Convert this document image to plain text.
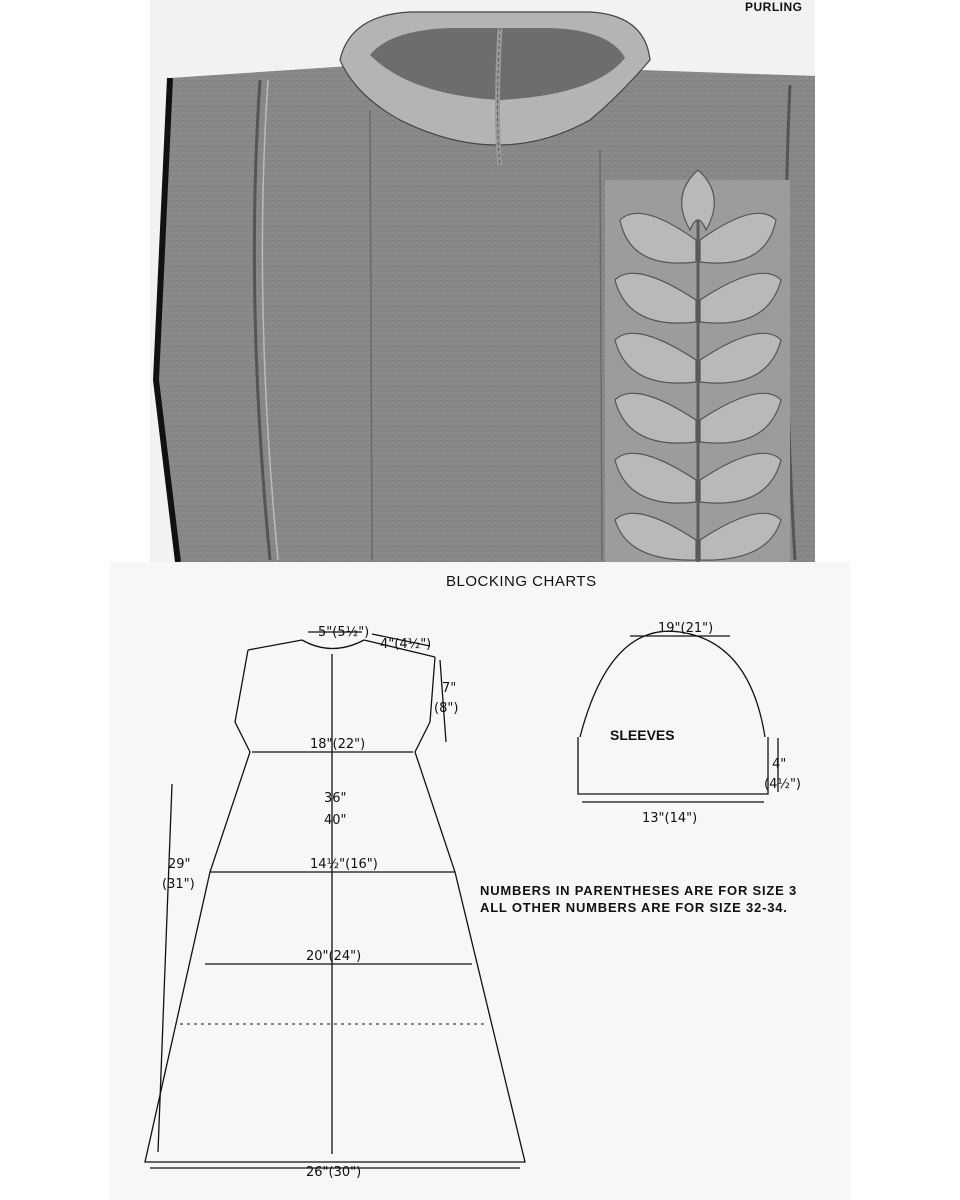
PURLING
BLOCKING CHARTS
5"(5½")
4"(4½")
7"
(8")
18"(22")
36"
40"
14½"(16")
29"
(31")
20"(24")
26"(30")
19"(21")
SLEEVES
4"
(4½")
13"(14")
NUMBERS IN PARENTHESES ARE FOR SIZE 3
ALL OTHER NUMBERS ARE FOR SIZE 32-34.
